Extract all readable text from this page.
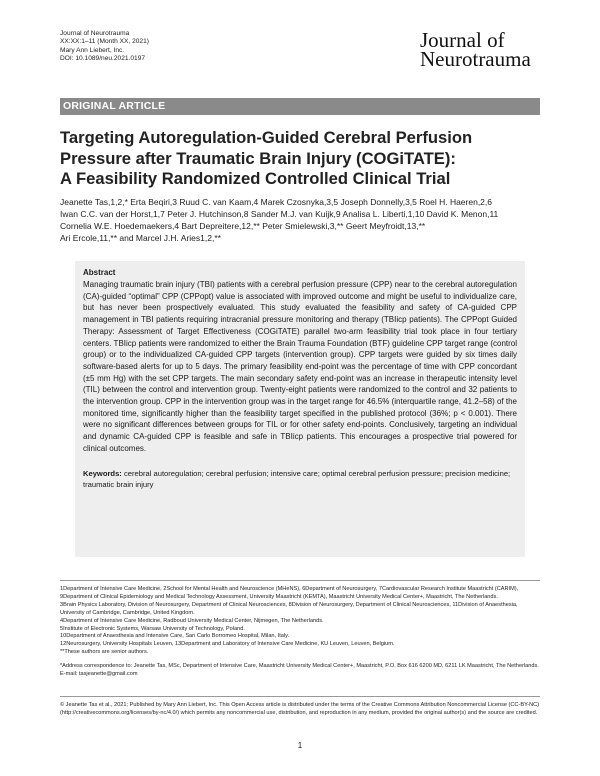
Journal of Neurotrauma
XX:XX:1–11 (Month XX, 2021)
Mary Ann Liebert, Inc.
DOI: 10.1089/neu.2021.0197
Journal of
Neurotrauma
ORIGINAL ARTICLE
Targeting Autoregulation-Guided Cerebral Perfusion
Pressure after Traumatic Brain Injury (COGiTATE):
A Feasibility Randomized Controlled Clinical Trial
Jeanette Tas,1,2,* Erta Beqiri,3 Ruud C. van Kaam,4 Marek Czosnyka,3,5 Joseph Donnelly,3,5 Roel H. Haeren,2,6
Iwan C.C. van der Horst,1,7 Peter J. Hutchinson,8 Sander M.J. van Kuijk,9 Analisa L. Liberti,1,10 David K. Menon,11
Cornelia W.E. Hoedemaekers,4 Bart Depreitere,12,** Peter Smielewski,3,** Geert Meyfroidt,13,**
Ari Ercole,11,** and Marcel J.H. Aries1,2,**
Abstract
Managing traumatic brain injury (TBI) patients with a cerebral perfusion pressure (CPP) near to the cerebral autoregulation (CA)-guided “optimal” CPP (CPPopt) value is associated with improved outcome and might be useful to individualize care, but has never been prospectively evaluated. This study evaluated the feasibility and safety of CA-guided CPP management in TBI patients requiring intracranial pressure monitoring and therapy (TBIicp patients). The CPPopt Guided Therapy: Assessment of Target Effectiveness (COGiTATE) parallel two-arm feasibility trial took place in four tertiary centers. TBIicp patients were randomized to either the Brain Trauma Foundation (BTF) guideline CPP target range (control group) or to the individualized CA-guided CPP targets (intervention group). CPP targets were guided by six times daily software-based alerts for up to 5 days. The primary feasibility end-point was the percentage of time with CPP concordant (±5 mm Hg) with the set CPP targets. The main secondary safety end-point was an increase in therapeutic intensity level (TIL) between the control and intervention group. Twenty-eight patients were randomized to the control and 32 patients to the intervention group. CPP in the intervention group was in the target range for 46.5% (interquartile range, 41.2–58) of the monitored time, significantly higher than the feasibility target specified in the published protocol (36%; p < 0.001). There were no significant differences between groups for TIL or for other safety end-points. Conclusively, targeting an individual and dynamic CA-guided CPP is feasible and safe in TBIicp patients. This encourages a prospective trial powered for clinical outcomes.
Keywords: cerebral autoregulation; cerebral perfusion; intensive care; optimal cerebral perfusion pressure; precision medicine; traumatic brain injury

1Department of Intensive Care Medicine, 2School for Mental Health and Neuroscience (MHeNS), 6Department of Neurosurgery, 7Cardiovascular Research Institute Maastricht (CARIM), 9Department of Clinical Epidemiology and Medical Technology Assessment, University Maastricht (KEMTA), Maastricht University Medical Center+, Maastricht, The Netherlands.

3Brain Physics Laboratory, Division of Neurosurgery, Department of Clinical Neurosciences, 8Division of Neurosurgery, Department of Clinical Neurosciences, 11Division of Anaesthesia, University of Cambridge, Cambridge, United Kingdom.

4Department of Intensive Care Medicine, Radboud University Medical Center, Nijmegen, The Netherlands.

5Institute of Electronic Systems, Warsaw University of Technology, Poland.

10Department of Anaesthesia and Intensive Care, San Carlo Borromeo Hospital, Milan, Italy.

12Neurosurgery, University Hospitals Leuven, 13Department and Laboratory of Intensive Care Medicine, KU Leuven, Leuven, Belgium.

**These authors are senior authors.

*Address correspondence to: Jeanette Tas, MSc, Department of Intensive Care, Maastricht University Medical Center+, Maastricht, P.O. Box 616 6200 MD, 6211 LK Maastricht, The Netherlands. E-mail: tasjeanette@gmail.com

© Jeanette Tas et al., 2021; Published by Mary Ann Liebert, Inc. This Open Access article is distributed under the terms of the Creative Commons Attribution Noncommercial License (CC-BY-NC) (http://creativecommons.org/licenses/by-nc/4.0/) which permits any noncommercial use, distribution, and reproduction in any medium, provided the original author(s) and the source are credited.
1
